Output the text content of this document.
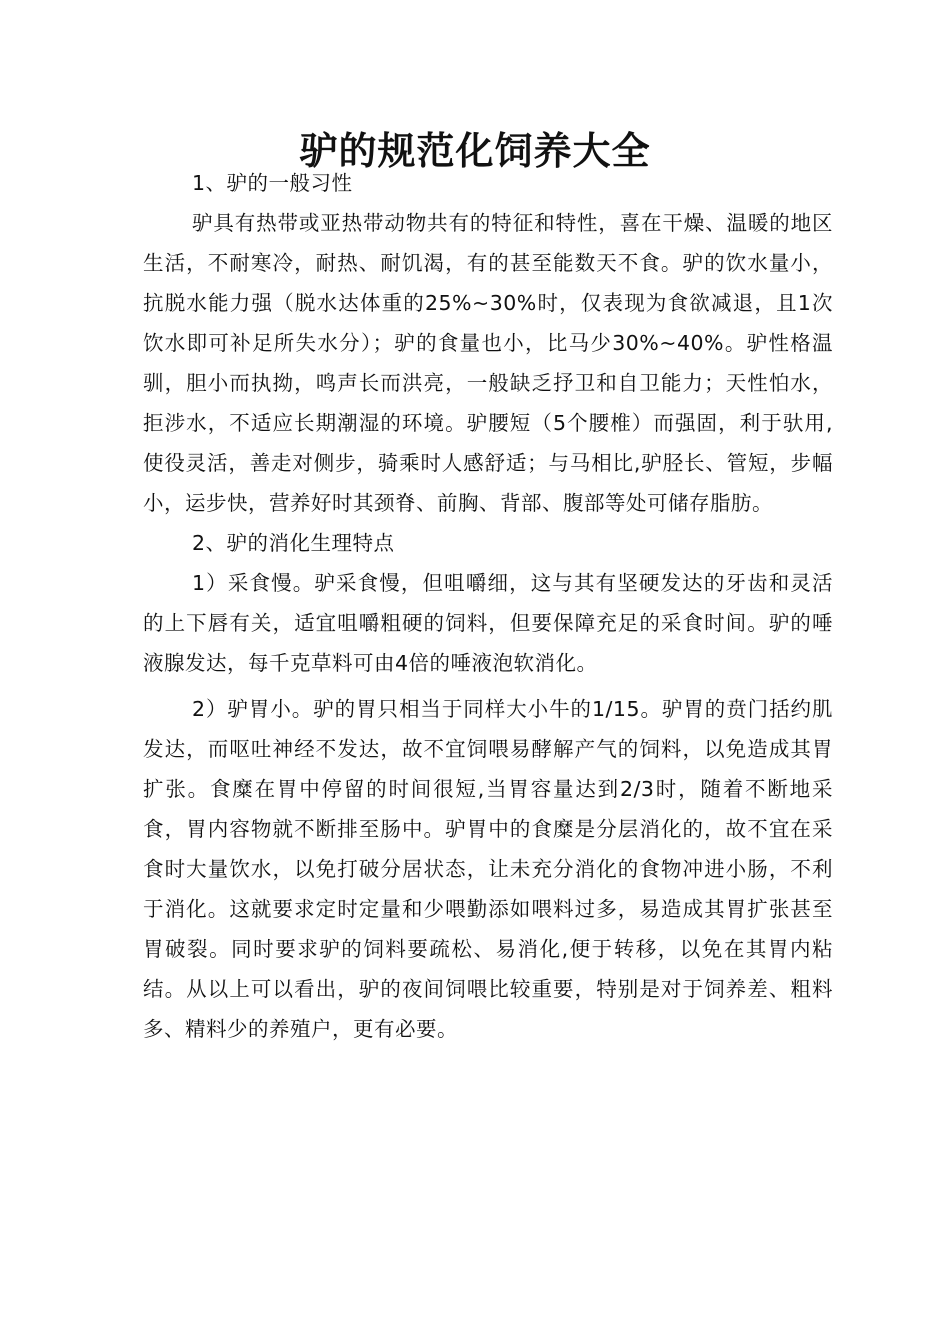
驴的规范化饲养大全

1、驴的一般习性

驴具有热带或亚热带动物共有的特征和特性，喜在干燥、温暖的地区生活，不耐寒冷，耐热、耐饥渴，有的甚至能数天不食。驴的饮水量小，抗脱水能力强（脱水达体重的25%~30%时，仅表现为食欲减退，且1次饮水即可补足所失水分）；驴的食量也小，比马少30%~40%。驴性格温驯，胆小而执拗，鸣声长而洪亮，一般缺乏抒卫和自卫能力；天性怕水，拒涉水，不适应长期潮湿的环境。驴腰短（5个腰椎）而强固，利于驮用,使役灵活，善走对侧步，骑乘时人感舒适；与马相比,驴胫长、管短，步幅小，运步快，营养好时其颈脊、前胸、背部、腹部等处可储存脂肪。

2、驴的消化生理特点

1）采食慢。驴采食慢，但咀嚼细，这与其有坚硬发达的牙齿和灵活的上下唇有关，适宜咀嚼粗硬的饲料，但要保障充足的采食时间。驴的唾液腺发达，每千克草料可由4倍的唾液泡软消化。

2）驴胃小。驴的胃只相当于同样大小牛的1/15。驴胃的贲门括约肌发达，而呕吐神经不发达，故不宜饲喂易酵解产气的饲料，以免造成其胃扩张。食糜在胃中停留的时间很短,当胃容量达到2/3时，随着不断地采食，胃内容物就不断排至肠中。驴胃中的食糜是分层消化的，故不宜在采食时大量饮水，以免打破分居状态，让未充分消化的食物冲进小肠，不利于消化。这就要求定时定量和少喂勤添如喂料过多，易造成其胃扩张甚至胃破裂。同时要求驴的饲料要疏松、易消化,便于转移，以免在其胃内粘结。从以上可以看出，驴的夜间饲喂比较重要，特别是对于饲养差、粗料多、精料少的养殖户，更有必要。
